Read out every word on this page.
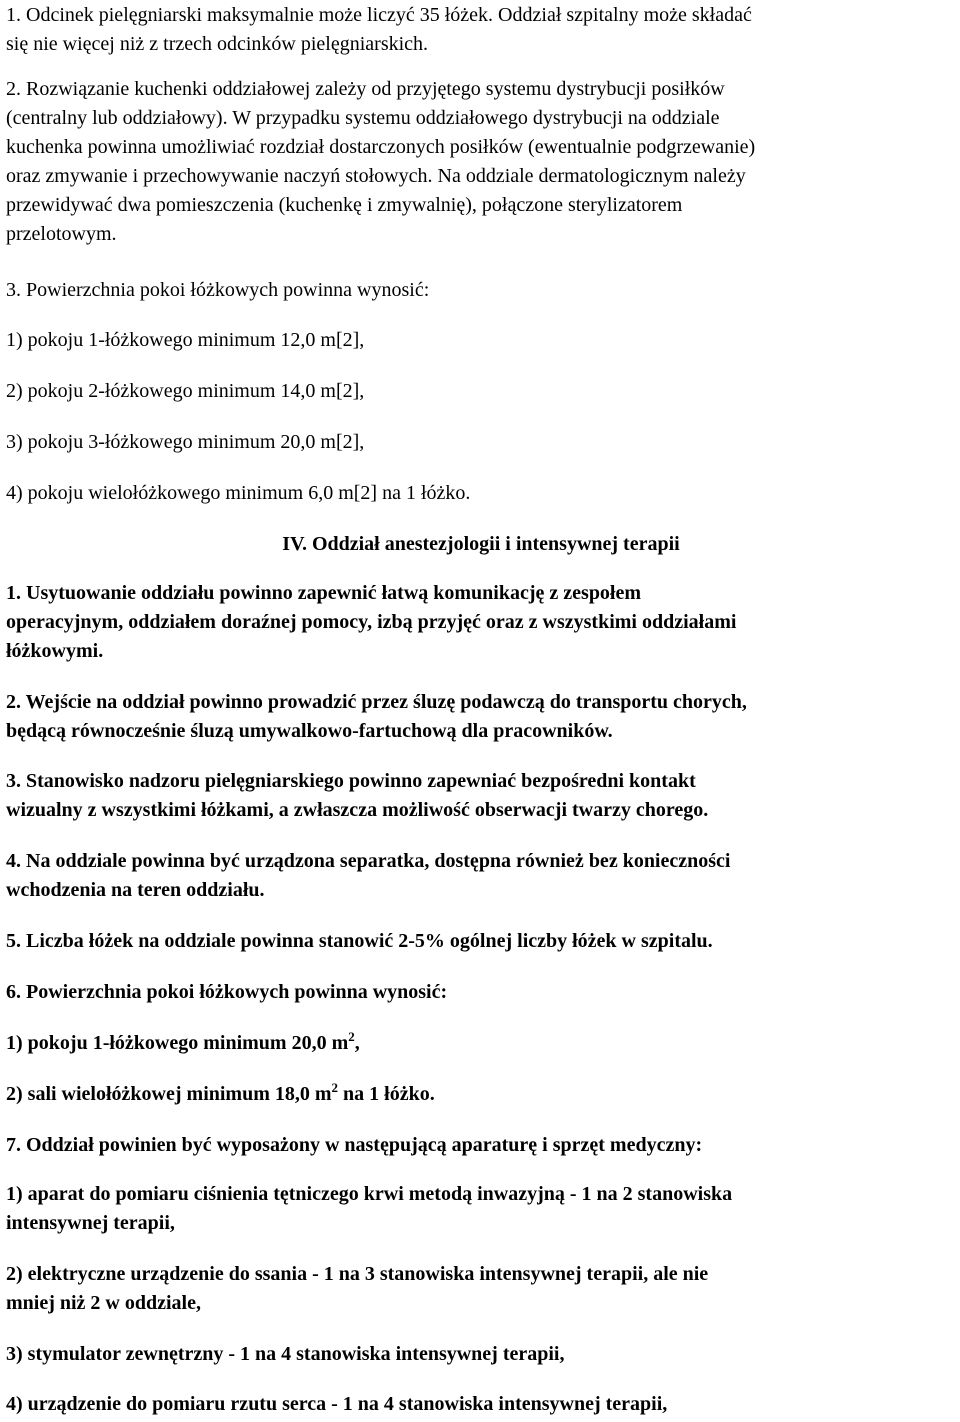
1. Odcinek pielęgniarski maksymalnie może liczyć 35 łóżek. Oddział szpitalny może składać

się nie więcej niż z trzech odcinków pielęgniarskich.

2. Rozwiązanie kuchenki oddziałowej zależy od przyjętego systemu dystrybucji posiłków

(centralny lub oddziałowy). W przypadku systemu oddziałowego dystrybucji na oddziale

kuchenka powinna umożliwiać rozdział dostarczonych posiłków (ewentualnie podgrzewanie)

oraz zmywanie i przechowywanie naczyń stołowych. Na oddziale dermatologicznym należy

przewidywać dwa pomieszczenia (kuchenkę i zmywalnię), połączone sterylizatorem

przelotowym.

3. Powierzchnia pokoi łóżkowych powinna wynosić:

1) pokoju 1-łóżkowego minimum 12,0 m[2],

2) pokoju 2-łóżkowego minimum 14,0 m[2],

3) pokoju 3-łóżkowego minimum 20,0 m[2],

4) pokoju wielołóżkowego minimum 6,0 m[2] na 1 łóżko.

IV. Oddział anestezjologii i intensywnej terapii

1. Usytuowanie oddziału powinno zapewnić łatwą komunikację z zespołem

operacyjnym, oddziałem doraźnej pomocy, izbą przyjęć oraz z wszystkimi oddziałami

łóżkowymi.

2. Wejście na oddział powinno prowadzić przez śluzę podawczą do transportu chorych,

będącą równocześnie śluzą umywalkowo-fartuchową dla pracowników.

3. Stanowisko nadzoru pielęgniarskiego powinno zapewniać bezpośredni kontakt

wizualny z wszystkimi łóżkami, a zwłaszcza możliwość obserwacji twarzy chorego.

4. Na oddziale powinna być urządzona separatka, dostępna również bez konieczności

wchodzenia na teren oddziału.

5. Liczba łóżek na oddziale powinna stanowić 2-5% ogólnej liczby łóżek w szpitalu.

6. Powierzchnia pokoi łóżkowych powinna wynosić:

1) pokoju 1-łóżkowego minimum 20,0 $m^2$,

2) sali wielołóżkowej minimum 18,0 $m^2$ na 1 łóżko.

7. Oddział powinien być wyposażony w następującą aparaturę i sprzęt medyczny:

1) aparat do pomiaru ciśnienia tętniczego krwi metodą inwazyjną - 1 na 2 stanowiska

intensywnej terapii,

2) elektryczne urządzenie do ssania - 1 na 3 stanowiska intensywnej terapii, ale nie

mniej niż 2 w oddziale,

3) stymulator zewnętrzny - 1 na 4 stanowiska intensywnej terapii,

4) urządzenie do pomiaru rzutu serca - 1 na 4 stanowiska intensywnej terapii,
